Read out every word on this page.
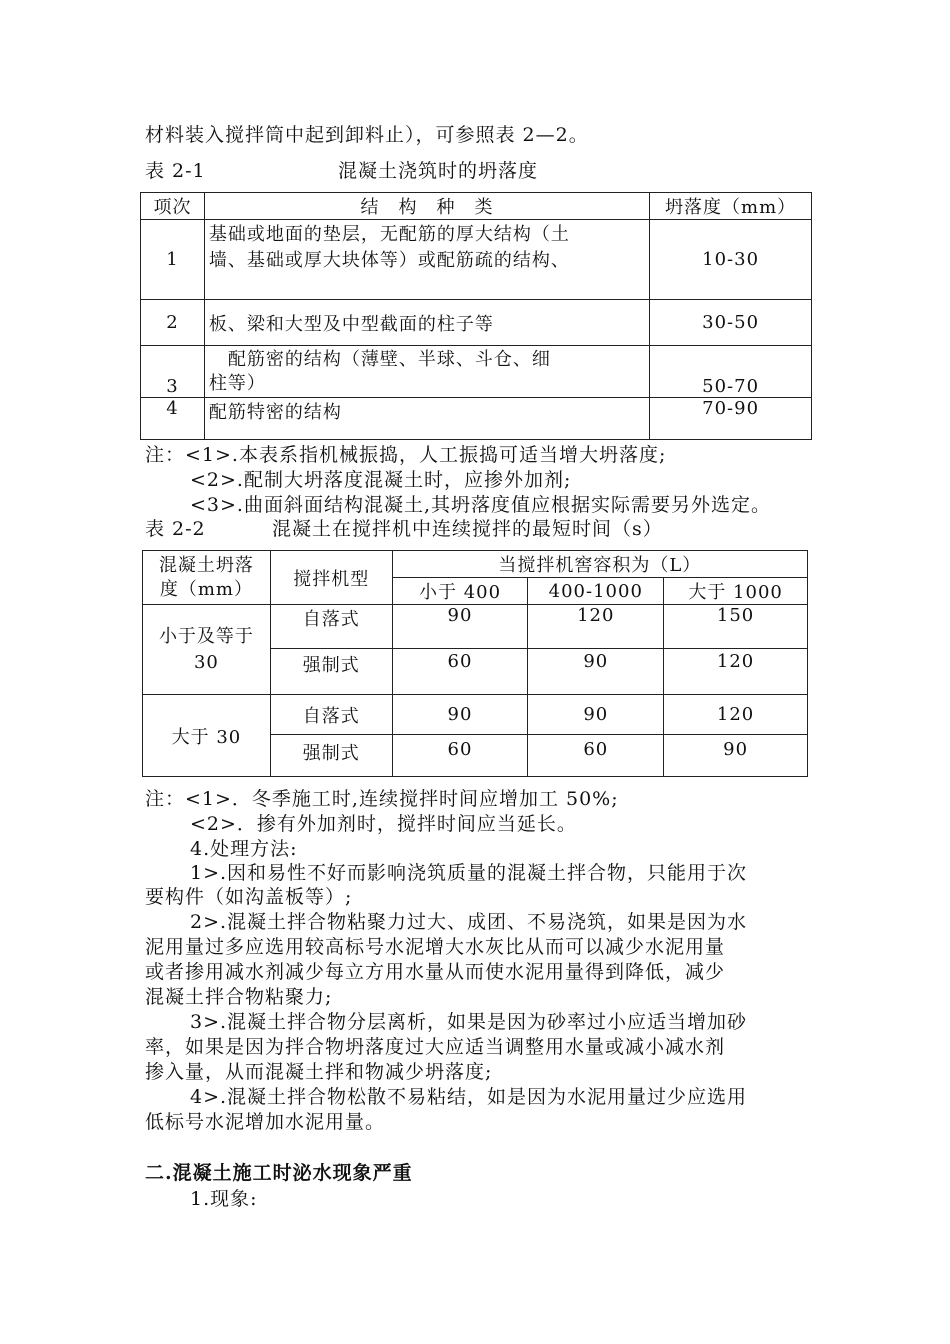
材料装入搅拌筒中起到卸料止），可参照表 2—2。
表 2-1	混凝土浇筑时的坍落度
项次	结　构　种　类	坍落度（mm）
1	基础或地面的垫层，无配筋的厚大结构（土
墙、基础或厚大块体等）或配筋疏的结构、	10-30
2	板、梁和大型及中型截面的柱子等	30-50
3	　配筋密的结构（薄壁、半球、斗仓、细
柱等）	50-70
4	配筋特密的结构	70-90
注：<1>.本表系指机械振捣，人工振捣可适当增大坍落度;
<2>.配制大坍落度混凝土时，应掺外加剂;
<3>.曲面斜面结构混凝土,其坍落度值应根据实际需要另外选定。
表 2-2	混凝土在搅拌机中连续搅拌的最短时间（s）
混凝土坍落
度（mm）	搅拌机型	当搅拌机窖容积为（L）		
		小于 400	400-1000	大于 1000

小于及等于
30	自落式	90	120	150
	强制式	60	90	120

大于 30	自落式	90	90	120
	强制式	60	60	90
注：<1>．冬季施工时,连续搅拌时间应增加工 50%;
<2>．掺有外加剂时，搅拌时间应当延长。
4.处理方法:
1>.因和易性不好而影响浇筑质量的混凝土拌合物，只能用于次
要构件（如沟盖板等）;
2>.混凝土拌合物粘聚力过大、成团、不易浇筑，如果是因为水
泥用量过多应选用较高标号水泥增大水灰比从而可以减少水泥用量
或者掺用减水剂减少每立方用水量从而使水泥用量得到降低，减少
混凝土拌合物粘聚力;
3>.混凝土拌合物分层离析，如果是因为砂率过小应适当增加砂
率，如果是因为拌合物坍落度过大应适当调整用水量或减小减水剂
掺入量，从而混凝土拌和物减少坍落度;
4>.混凝土拌合物松散不易粘结，如是因为水泥用量过少应选用
低标号水泥增加水泥用量。
二.混凝土施工时泌水现象严重
1.现象:
